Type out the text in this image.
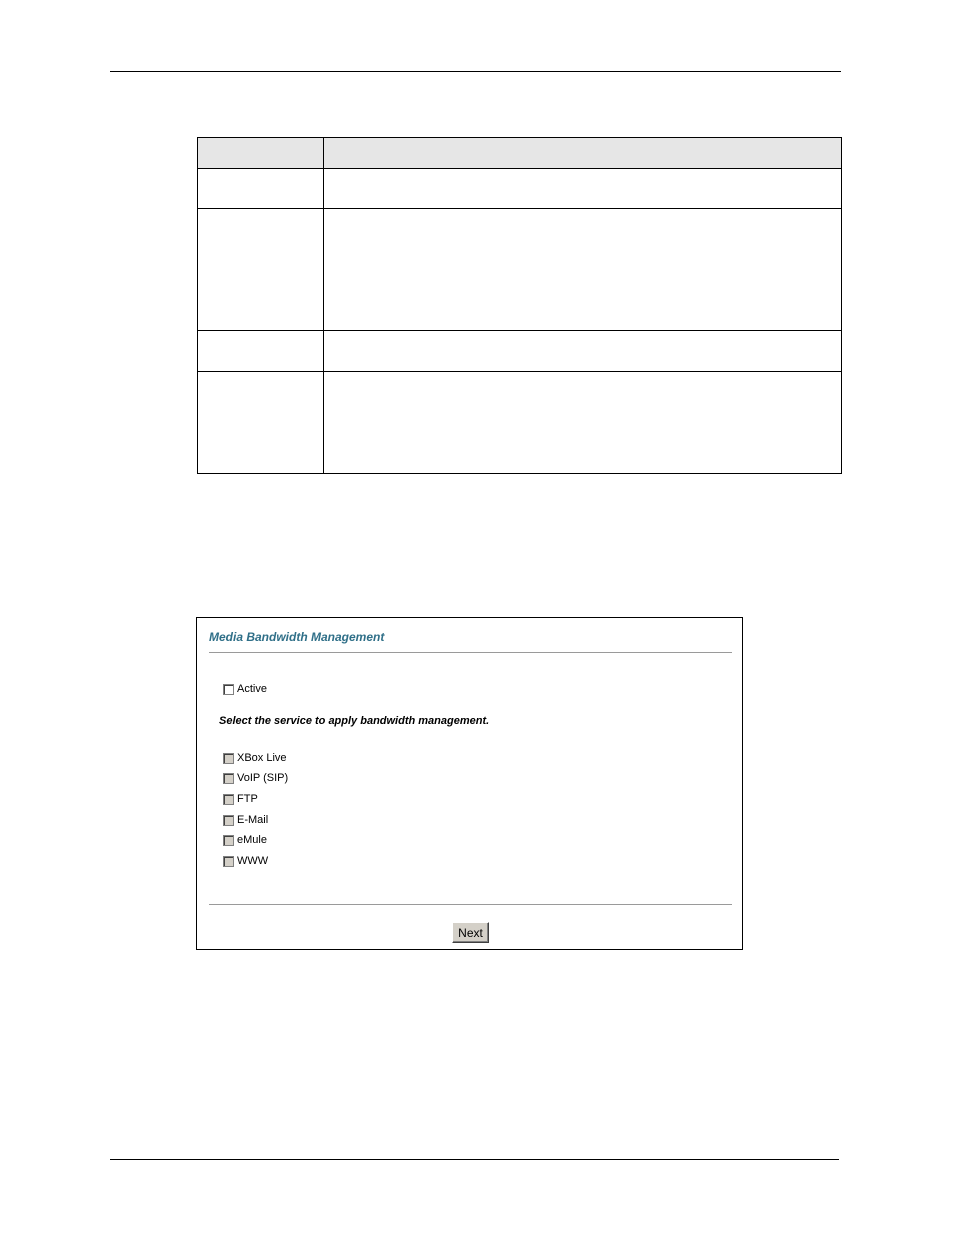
Media Bandwidth Management
Active
Select the service to apply bandwidth management.
XBox Live
VoIP (SIP)
FTP
E-Mail
eMule
WWW
Next
